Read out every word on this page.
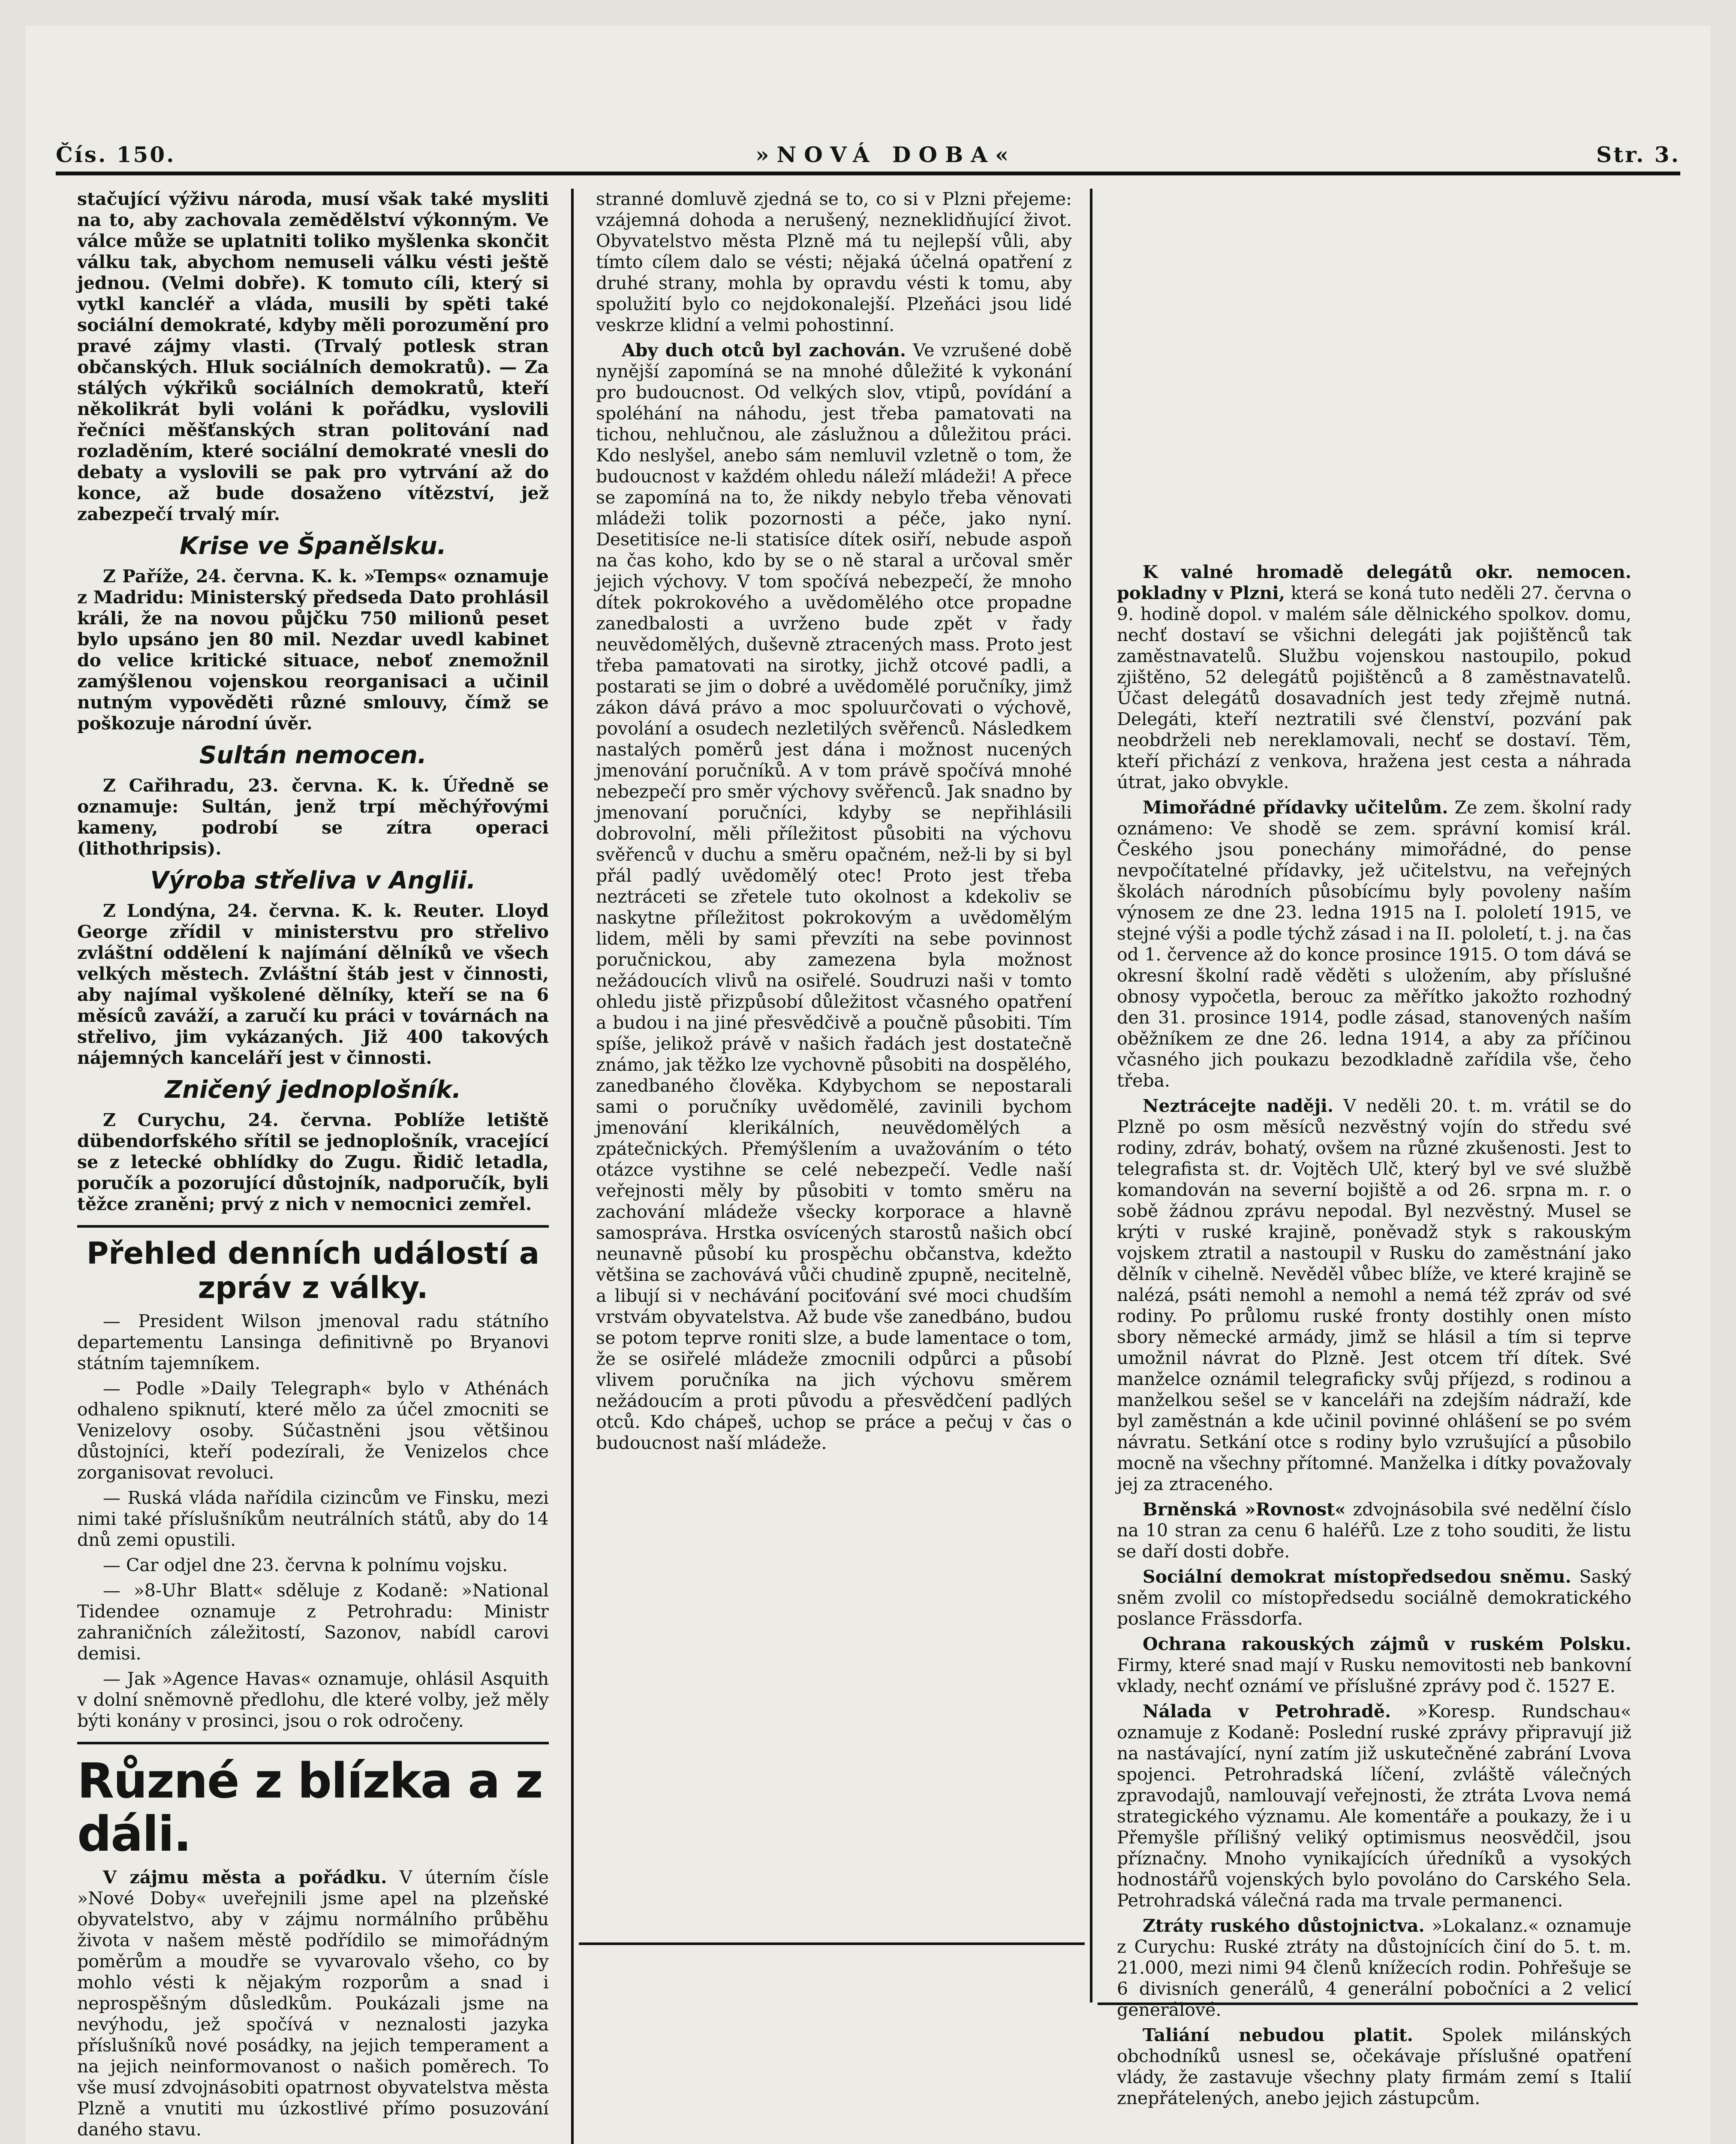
Čís. 150.	»NOVÁ DOBA«	Str. 3.

stačující výživu národa, musí však také mysliti na to, aby zachovala zemědělství výkonným. Ve válce může se uplatniti toliko myšlenka skončit válku tak, abychom nemuseli válku vésti ještě jednou. (Velmi dobře). K tomuto cíli, který si vytkl kancléř a vláda, musili by spěti také sociální demokraté, kdyby měli porozumění pro pravé zájmy vlasti. (Trvalý potlesk stran občanských. Hluk sociálních demokratů). — Za stálých výkřiků sociálních demokratů, kteří několikrát byli voláni k pořádku, vyslovili řečníci měšťanských stran politování nad rozladěním, které sociální demokraté vnesli do debaty a vyslovili se pak pro vytrvání až do konce, až bude dosaženo vítězství, jež zabezpečí trvalý mír.

Krise ve Španělsku.

Z Paříže, 24. června. K. k. »Temps« oznamuje z Madridu: Ministerský předseda Dato prohlásil králi, že na novou půjčku 750 milionů peset bylo upsáno jen 80 mil. Nezdar uvedl kabinet do velice kritické situace, neboť znemožnil zamýšlenou vojenskou reorganisaci a učinil nutným vypověděti různé smlouvy, čímž se poškozuje národní úvěr.

Sultán nemocen.

Z Cařihradu, 23. června. K. k. Úředně se oznamuje: Sultán, jenž trpí měchýřovými kameny, podrobí se zítra operaci (lithothripsis).

Výroba střeliva v Anglii.

Z Londýna, 24. června. K. k. Reuter. Lloyd George zřídil v ministerstvu pro střelivo zvláštní oddělení k najímání dělníků ve všech velkých městech. Zvláštní štáb jest v činnosti, aby najímal vyškolené dělníky, kteří se na 6 měsíců zaváží, a zaručí ku práci v továrnách na střelivo, jim vykázaných. Již 400 takových nájemných kanceláří jest v činnosti.

Zničený jednoplošník.

Z Curychu, 24. června. Poblíže letiště dübendorfského sřítil se jednoplošník, vracející se z letecké obhlídky do Zugu. Řidič letadla, poručík a pozorující důstojník, nadporučík, byli těžce zraněni; prvý z nich v nemocnici zemřel.

Přehled denních událostí a zpráv z války.

— President Wilson jmenoval radu státního departementu Lansinga definitivně po Bryanovi státním tajemníkem.

— Podle »Daily Telegraph« bylo v Athénách odhaleno spiknutí, které mělo za účel zmocniti se Venizelovy osoby. Súčastněni jsou většinou důstojníci, kteří podezírali, že Venizelos chce zorganisovat revoluci.

— Ruská vláda nařídila cizincům ve Finsku, mezi nimi také příslušníkům neutrálních států, aby do 14 dnů zemi opustili.

— Car odjel dne 23. června k polnímu vojsku.

— »8-Uhr Blatt« sděluje z Kodaně: »National Tidendee oznamuje z Petrohradu: Ministr zahraničních záležitostí, Sazonov, nabídl carovi demisi.

— Jak »Agence Havas« oznamuje, ohlásil Asquith v dolní sněmovně předlohu, dle které volby, jež měly býti konány v prosinci, jsou o rok odročeny.

Různé z blízka a z dáli.

V zájmu města a pořádku. V úterním čísle »Nové Doby« uveřejnili jsme apel na plzeňské obyvatelstvo, aby v zájmu normálního průběhu života v našem městě podřídilo se mimořádným poměrům a moudře se vyvarovalo všeho, co by mohlo vésti k nějakým rozporům a snad i neprospěšným důsledkům. Poukázali jsme na nevýhodu, jež spočívá v neznalosti jazyka příslušníků nové posádky, na jejich temperament a na jejich neinformovanost o našich poměrech. To vše musí zdvojnásobiti opatrnost obyvatelstva města Plzně a vnutiti mu úzkostlivé přímo posuzování daného stavu.

stranné domluvě zjedná se to, co si v Plzni přejeme: vzájemná dohoda a nerušený, nezneklidňující život. Obyvatelstvo města Plzně má tu nejlepší vůli, aby tímto cílem dalo se vésti; nějaká účelná opatření z druhé strany, mohla by opravdu vésti k tomu, aby spolužití bylo co nejdokonalejší. Plzeňáci jsou lidé veskrze klidní a velmi pohostinní.

Aby duch otců byl zachován. Ve vzrušené době nynější zapomíná se na mnohé důležité k vykonání pro budoucnost. Od velkých slov, vtipů, povídání a spoléhání na náhodu, jest třeba pamatovati na tichou, nehlučnou, ale záslužnou a důležitou práci. Kdo neslyšel, anebo sám nemluvil vzletně o tom, že budoucnost v každém ohledu náleží mládeži! A přece se zapomíná na to, že nikdy nebylo třeba věnovati mládeži tolik pozornosti a péče, jako nyní. Desetitisíce ne-li statisíce dítek osiří, nebude aspoň na čas koho, kdo by se o ně staral a určoval směr jejich výchovy. V tom spočívá nebezpečí, že mnoho dítek pokrokového a uvědomělého otce propadne zanedbalosti a uvrženo bude zpět v řady neuvědomělých, duševně ztracených mass. Proto jest třeba pamatovati na sirotky, jichž otcové padli, a postarati se jim o dobré a uvědomělé poručníky, jimž zákon dává právo a moc spoluurčovati o výchově, povolání a osudech nezletilých svěřenců. Následkem nastalých poměrů jest dána i možnost nucených jmenování poručníků. A v tom právě spočívá mnohé nebezpečí pro směr výchovy svěřenců. Jak snadno by jmenovaní poručníci, kdyby se nepřihlásili dobrovolní, měli příležitost působiti na výchovu svěřenců v duchu a směru opačném, než-li by si byl přál padlý uvědomělý otec! Proto jest třeba neztráceti se zřetele tuto okolnost a kdekoliv se naskytne příležitost pokrokovým a uvědomělým lidem, měli by sami převzíti na sebe povinnost poručnickou, aby zamezena byla možnost nežádoucích vlivů na osiřelé. Soudruzi naši v tomto ohledu jistě přizpůsobí důležitost včasného opatření a budou i na jiné přesvědčivě a poučně působiti. Tím spíše, jelikož právě v našich řadách jest dostatečně známo, jak těžko lze vychovně působiti na dospělého, zanedbaného člověka. Kdybychom se nepostarali sami o poručníky uvědomělé, zavinili bychom jmenování klerikálních, neuvědomělých a zpátečnických. Přemýšlením a uvažováním o této otázce vystihne se celé nebezpečí. Vedle naší veřejnosti měly by působiti v tomto směru na zachování mládeže všecky korporace a hlavně samospráva. Hrstka osvícených starostů našich obcí neunavně působí ku prospěchu občanstva, kdežto většina se zachovává vůči chudině zpupně, necitelně, a libují si v nechávání pociťování své moci chudším vrstvám obyvatelstva. Až bude vše zanedbáno, budou se potom teprve roniti slze, a bude lamentace o tom, že se osiřelé mládeže zmocnili odpůrci a působí vlivem poručníka na jich výchovu směrem nežádoucím a proti původu a přesvědčení padlých otců. Kdo chápeš, uchop se práce a pečuj v čas o budoucnost naší mládeže.

K valné hromadě delegátů okr. nemocen. pokladny v Plzni, která se koná tuto neděli 27. června o 9. hodině dopol. v malém sále dělnického spolkov. domu, nechť dostaví se všichni delegáti jak pojištěnců tak zaměstnavatelů. Službu vojenskou nastoupilo, pokud zjištěno, 52 delegátů pojištěnců a 8 zaměstnavatelů. Účast delegátů dosavadních jest tedy zřejmě nutná. Delegáti, kteří neztratili své členství, pozvání pak neobdrželi neb nereklamovali, nechť se dostaví. Těm, kteří přichází z venkova, hražena jest cesta a náhrada útrat, jako obvykle.

Mimořádné přídavky učitelům. Ze zem. školní rady oznámeno: Ve shodě se zem. správní komisí král. Českého jsou ponechány mimořádné, do pense nevpočítatelné přídavky, jež učitelstvu, na veřejných školách národních působícímu byly povoleny naším výnosem ze dne 23. ledna 1915 na I. pololetí 1915, ve stejné výši a podle týchž zásad i na II. pololetí, t. j. na čas od 1. července až do konce prosince 1915. O tom dává se okresní školní radě věděti s uložením, aby příslušné obnosy vypočetla, berouc za měřítko jakožto rozhodný den 31. prosince 1914, podle zásad, stanovených naším oběžníkem ze dne 26. ledna 1914, a aby za příčinou včasného jich poukazu bezodkladně zařídila vše, čeho třeba.

Neztrácejte naději. V neděli 20. t. m. vrátil se do Plzně po osm měsíců nezvěstný vojín do středu své rodiny, zdráv, bohatý, ovšem na různé zkušenosti. Jest to telegrafista st. dr. Vojtěch Ulč, který byl ve své službě komandován na severní bojiště a od 26. srpna m. r. o sobě žádnou zprávu nepodal. Byl nezvěstný. Musel se krýti v ruské krajině, poněvadž styk s rakouským vojskem ztratil a nastoupil v Rusku do zaměstnání jako dělník v cihelně. Nevěděl vůbec blíže, ve které krajině se nalézá, psáti nemohl a nemohl a nemá též zpráv od své rodiny. Po průlomu ruské fronty dostihly onen místo sbory německé armády, jimž se hlásil a tím si teprve umožnil návrat do Plzně. Jest otcem tří dítek. Své manželce oznámil telegraficky svůj příjezd, s rodinou a manželkou sešel se v kanceláři na zdejším nádraží, kde byl zaměstnán a kde učinil povinné ohlášení se po svém návratu. Setkání otce s rodiny bylo vzrušující a působilo mocně na všechny přítomné. Manželka i dítky považovaly jej za ztraceného.

Brněnská »Rovnost« zdvojnásobila své nedělní číslo na 10 stran za cenu 6 haléřů. Lze z toho souditi, že listu se daří dosti dobře.

Sociální demokrat místopředsedou sněmu. Saský sněm zvolil co místopředsedu sociálně demokratického poslance Frässdorfa.

Ochrana rakouských zájmů v ruském Polsku. Firmy, které snad mají v Rusku nemovitosti neb bankovní vklady, nechť oznámí ve příslušné zprávy pod č. 1527 E.

Nálada v Petrohradě. »Koresp. Rundschau« oznamuje z Kodaně: Poslední ruské zprávy připravují již na nastávající, nyní zatím již uskutečněné zabrání Lvova spojenci. Petrohradská líčení, zvláště válečných zpravodajů, namlouvají veřejnosti, že ztráta Lvova nemá strategického významu. Ale komentáře a poukazy, že i u Přemyšle přílišný veliký optimismus neosvědčil, jsou příznačny. Mnoho vynikajících úředníků a vysokých hodnostářů vojenských bylo povoláno do Carského Sela. Petrohradská válečná rada ma trvale permanenci.

Ztráty ruského důstojnictva. »Lokalanz.« oznamuje z Curychu: Ruské ztráty na důstojnících činí do 5. t. m. 21.000, mezi nimi 94 členů knížecích rodin. Pohřešuje se 6 divisních generálů, 4 generální pobočníci a 2 velicí generálové.

Taliání nebudou platit. Spolek milánských obchodníků usnesl se, očekávaje příslušné opatření vlády, že zastavuje všechny platy firmám zemí s Italií znepřátelených, anebo jejich zástupcům.
